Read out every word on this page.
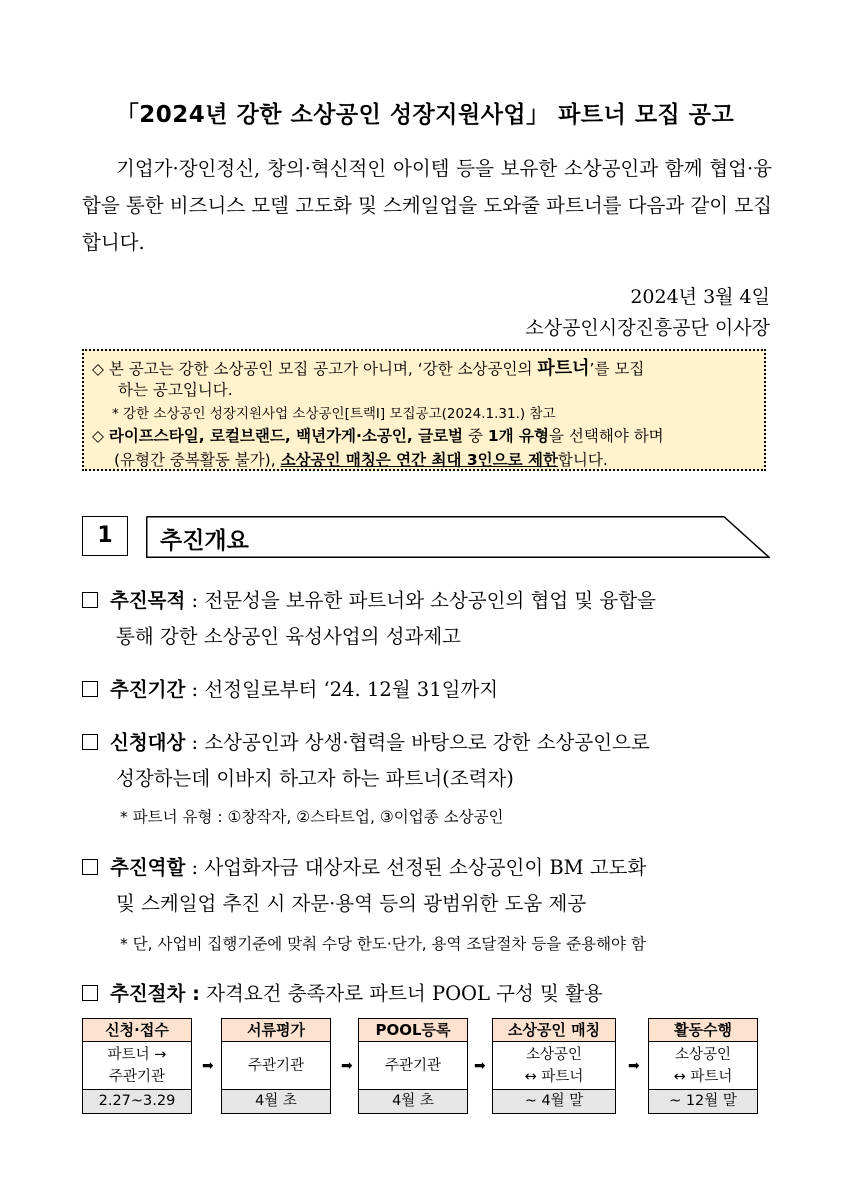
「2024년 강한 소상공인 성장지원사업」 파트너 모집 공고
기업가·장인정신, 창의·혁신적인 아이템 등을 보유한 소상공인과 함께 협업·융합을 통한 비즈니스 모델 고도화 및 스케일업을 도와줄 파트너를 다음과 같이 모집합니다.
2024년 3월 4일
소상공인시장진흥공단 이사장
◇ 본 공고는 강한 소상공인 모집 공고가 아니며, ‘강한 소상공인의 파트너’를 모집
하는 공고입니다.
* 강한 소상공인 성장지원사업 소상공인[트랙Ⅰ] 모집공고(2024.1.31.) 참고
◇ 라이프스타일, 로컬브랜드, 백년가게·소공인, 글로벌 중 1개 유형을 선택해야 하며
(유형간 중복활동 불가), 소상공인 매칭은 연간 최대 3인으로 제한합니다.
1	추진개요
추진목적 : 전문성을 보유한 파트너와 소상공인의 협업 및 융합을
통해 강한 소상공인 육성사업의 성과제고
추진기간 : 선정일로부터 ‘24. 12월 31일까지
신청대상 : 소상공인과 상생·협력을 바탕으로 강한 소상공인으로
성장하는데 이바지 하고자 하는 파트너(조력자)
* 파트너 유형 : ①창작자, ②스타트업, ③이업종 소상공인
추진역할 : 사업화자금 대상자로 선정된 소상공인이 BM 고도화
및 스케일업 추진 시 자문·용역 등의 광범위한 도움 제공
* 단, 사업비 집행기준에 맞춰 수당 한도·단가, 용역 조달절차 등을 준용해야 함
추진절차 : 자격요건 충족자로 파트너 POOL 구성 및 활용
신청·접수
파트너 →
주관기관
2.27~3.29
➡
서류평가
주관기관
4월 초
➡
POOL등록
주관기관
4월 초
➡
소상공인 매칭
소상공인
↔ 파트너
~ 4월 말
➡
활동수행
소상공인
↔ 파트너
~ 12월 말
